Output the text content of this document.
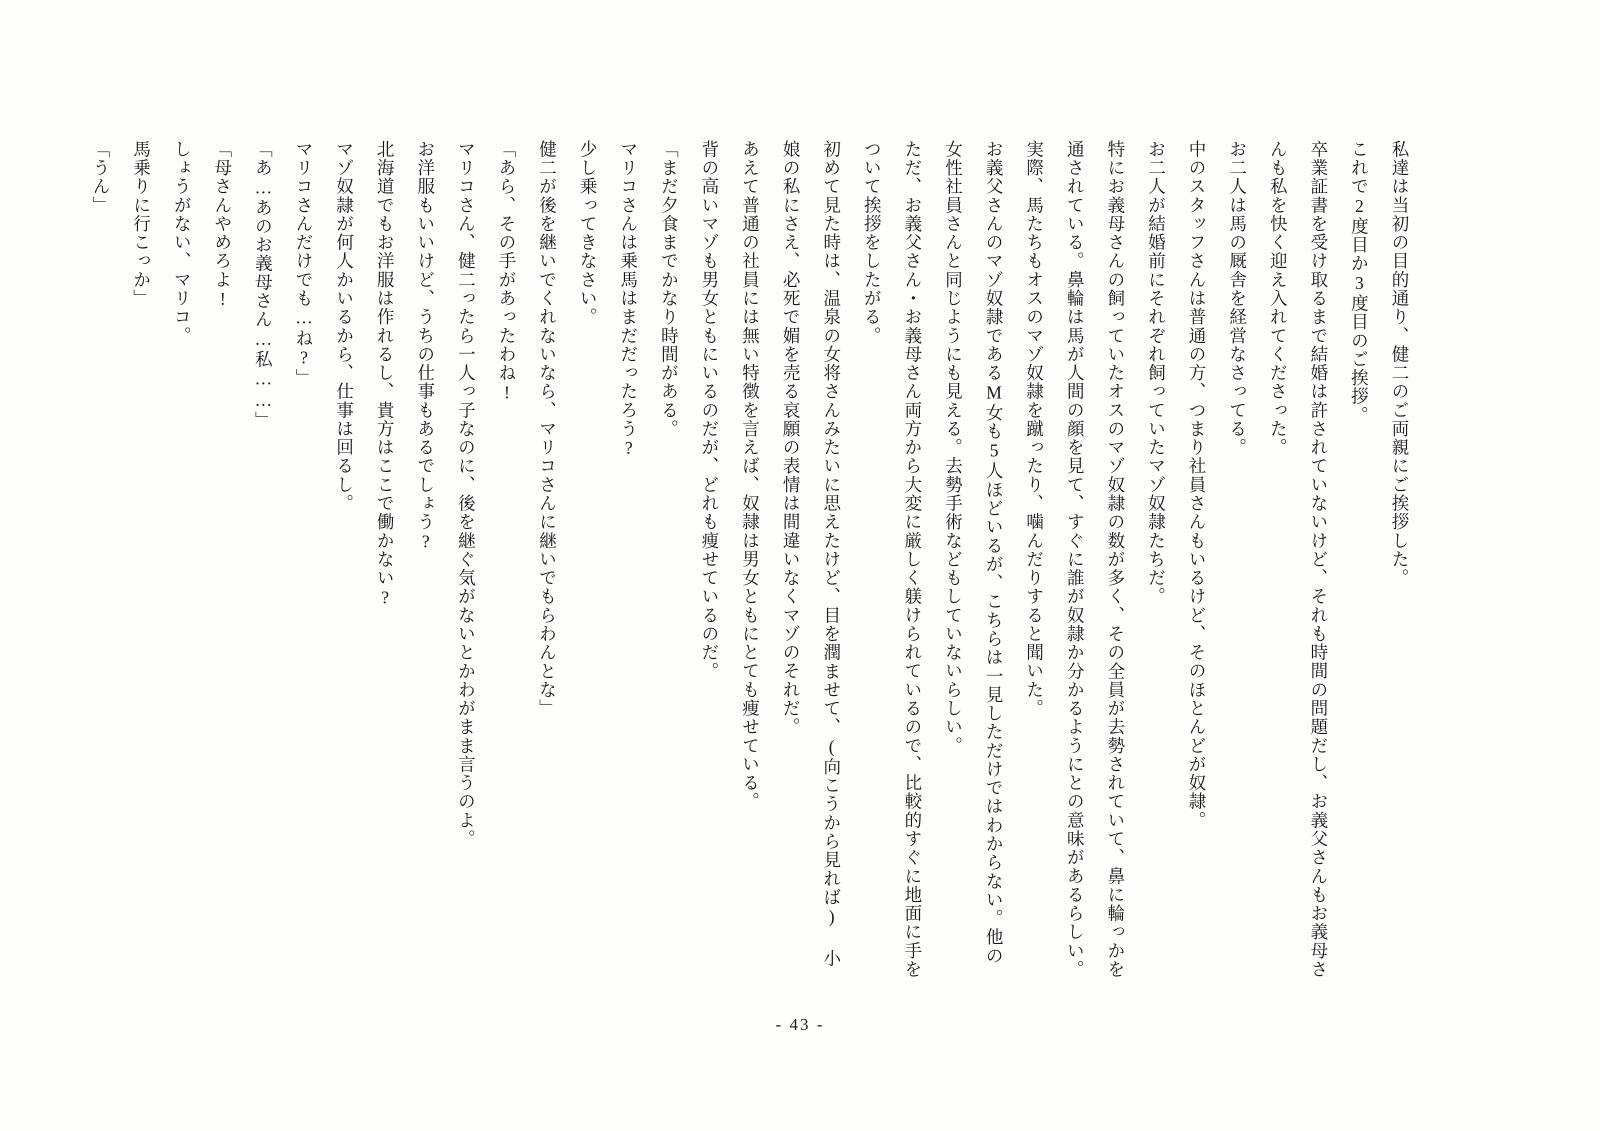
私達は当初の目的通り、健二のご両親にご挨拶した。

これで2度目か3度目のご挨拶。

卒業証書を受け取るまで結婚は許されていないけど、それも時間の問題だし、お義父さんもお義母さんも私を快く迎え入れてくださった。

お二人は馬の厩舎を経営なさってる。

中のスタッフさんは普通の方、つまり社員さんもいるけど、そのほとんどが奴隷。

お二人が結婚前にそれぞれ飼っていたマゾ奴隷たちだ。

特にお義母さんの飼っていたオスのマゾ奴隷の数が多く、その全員が去勢されていて、鼻に輪っかを通されている。鼻輪は馬が人間の顔を見て、すぐに誰が奴隷か分かるようにとの意味があるらしい。実際、馬たちもオスのマゾ奴隷を蹴ったり、噛んだりすると聞いた。

お義父さんのマゾ奴隷であるM女も5人ほどいるが、こちらは一見しただけではわからない。他の女性社員さんと同じようにも見える。去勢手術などもしていないらしい。

ただ、お義父さん・お義母さん両方から大変に厳しく躾けられているので、比較的すぐに地面に手をついて挨拶をしたがる。

初めて見た時は、温泉の女将さんみたいに思えたけど、目を潤ませて、(向こうから見れば) 小娘の私にさえ、必死で媚を売る哀願の表情は間違いなくマゾのそれだ。

あえて普通の社員には無い特徴を言えば、奴隷は男女ともにとても痩せている。

背の高いマゾも男女ともにいるのだが、どれも痩せているのだ。

「まだ夕食までかなり時間がある。

マリコさんは乗馬はまだだったろう?

少し乗ってきなさい。

健二が後を継いでくれないなら、マリコさんに継いでもらわんとな」

「あら、その手があったわね!

マリコさん、健二ったら一人っ子なのに、後を継ぐ気がないとかわがまま言うのよ。

お洋服もいいけど、うちの仕事もあるでしょう?

北海道でもお洋服は作れるし、貴方はここで働かない?

マゾ奴隷が何人かいるから、仕事は回るし。

マリコさんだけでも…ね?」

「あ…あのお義母さん…私……」

「母さんやめろよ!

しょうがない、マリコ。

馬乗りに行こっか」

「うん」

- 43 -
